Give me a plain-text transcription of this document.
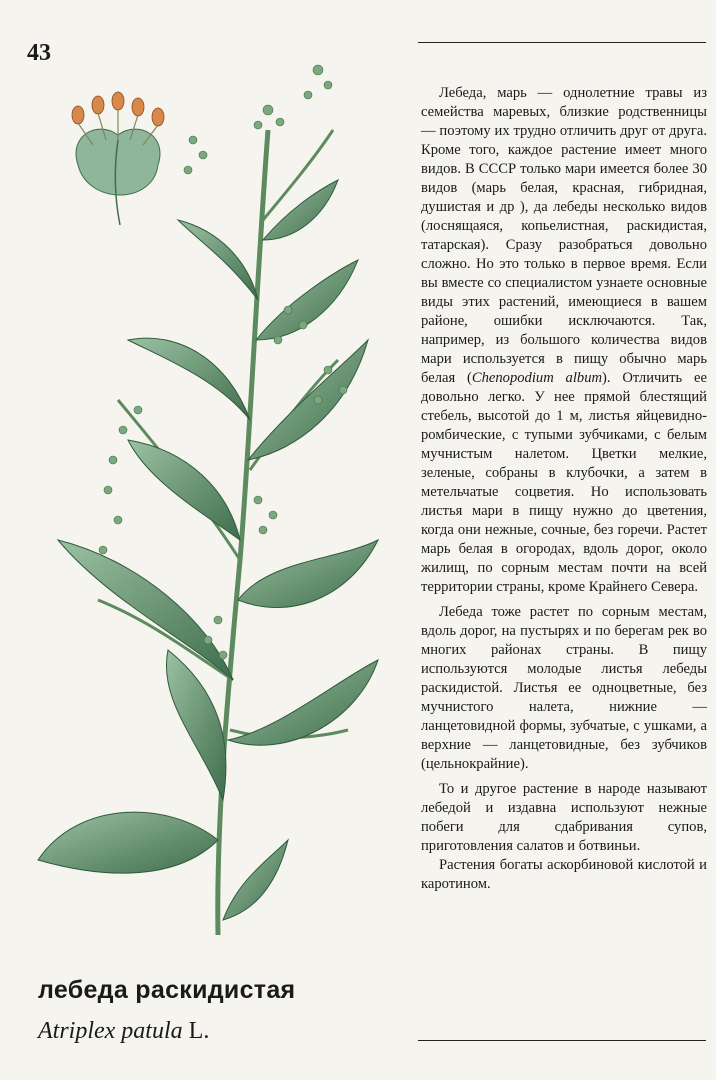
43

Лебеда, марь — однолетние травы из семейства маревых, близкие родственницы — поэтому их трудно отличить друг от друга. Кроме того, каждое растение имеет много видов. В СССР только мари имеется более 30 видов (марь белая, красная, гибридная, душистая и др ), да лебеды несколько видов (лоснящаяся, копьелистная, раскидистая, татарская). Сразу разобраться довольно сложно. Но это только в первое время. Если вы вместе со специалистом узнаете основные виды этих растений, имеющиеся в вашем районе, ошибки исключаются. Так, например, из большого количества видов мари используется в пищу обычно марь белая (Chenopodium album). Отличить ее довольно легко. У нее прямой блестящий стебель, высотой до 1 м, листья яйцевидно-ромбические, с тупыми зубчиками, с белым мучнистым налетом. Цветки мелкие, зеленые, собраны в клубочки, а затем в метельчатые соцветия. Но использовать листья мари в пищу нужно до цветения, когда они нежные, сочные, без горечи. Растет марь белая в огородах, вдоль дорог, около жилищ, по сорным местам почти на всей территории страны, кроме Крайнего Севера.

Лебеда тоже растет по сорным местам, вдоль дорог, на пустырях и по берегам рек во многих районах страны. В пищу используются молодые листья лебеды раскидистой. Листья ее одноцветные, без мучнистого налета, нижние — ланцетовидной формы, зубчатые, с ушками, а верхние — ланцетовидные, без зубчиков (цельнокрайние).

То и другое растение в народе называют лебедой и издавна используют нежные побеги для сдабривания супов, приготовления салатов и ботвиньи.

Растения богаты аскорбиновой кислотой и каротином.

лебеда раскидистая
Atriplex patula L.
